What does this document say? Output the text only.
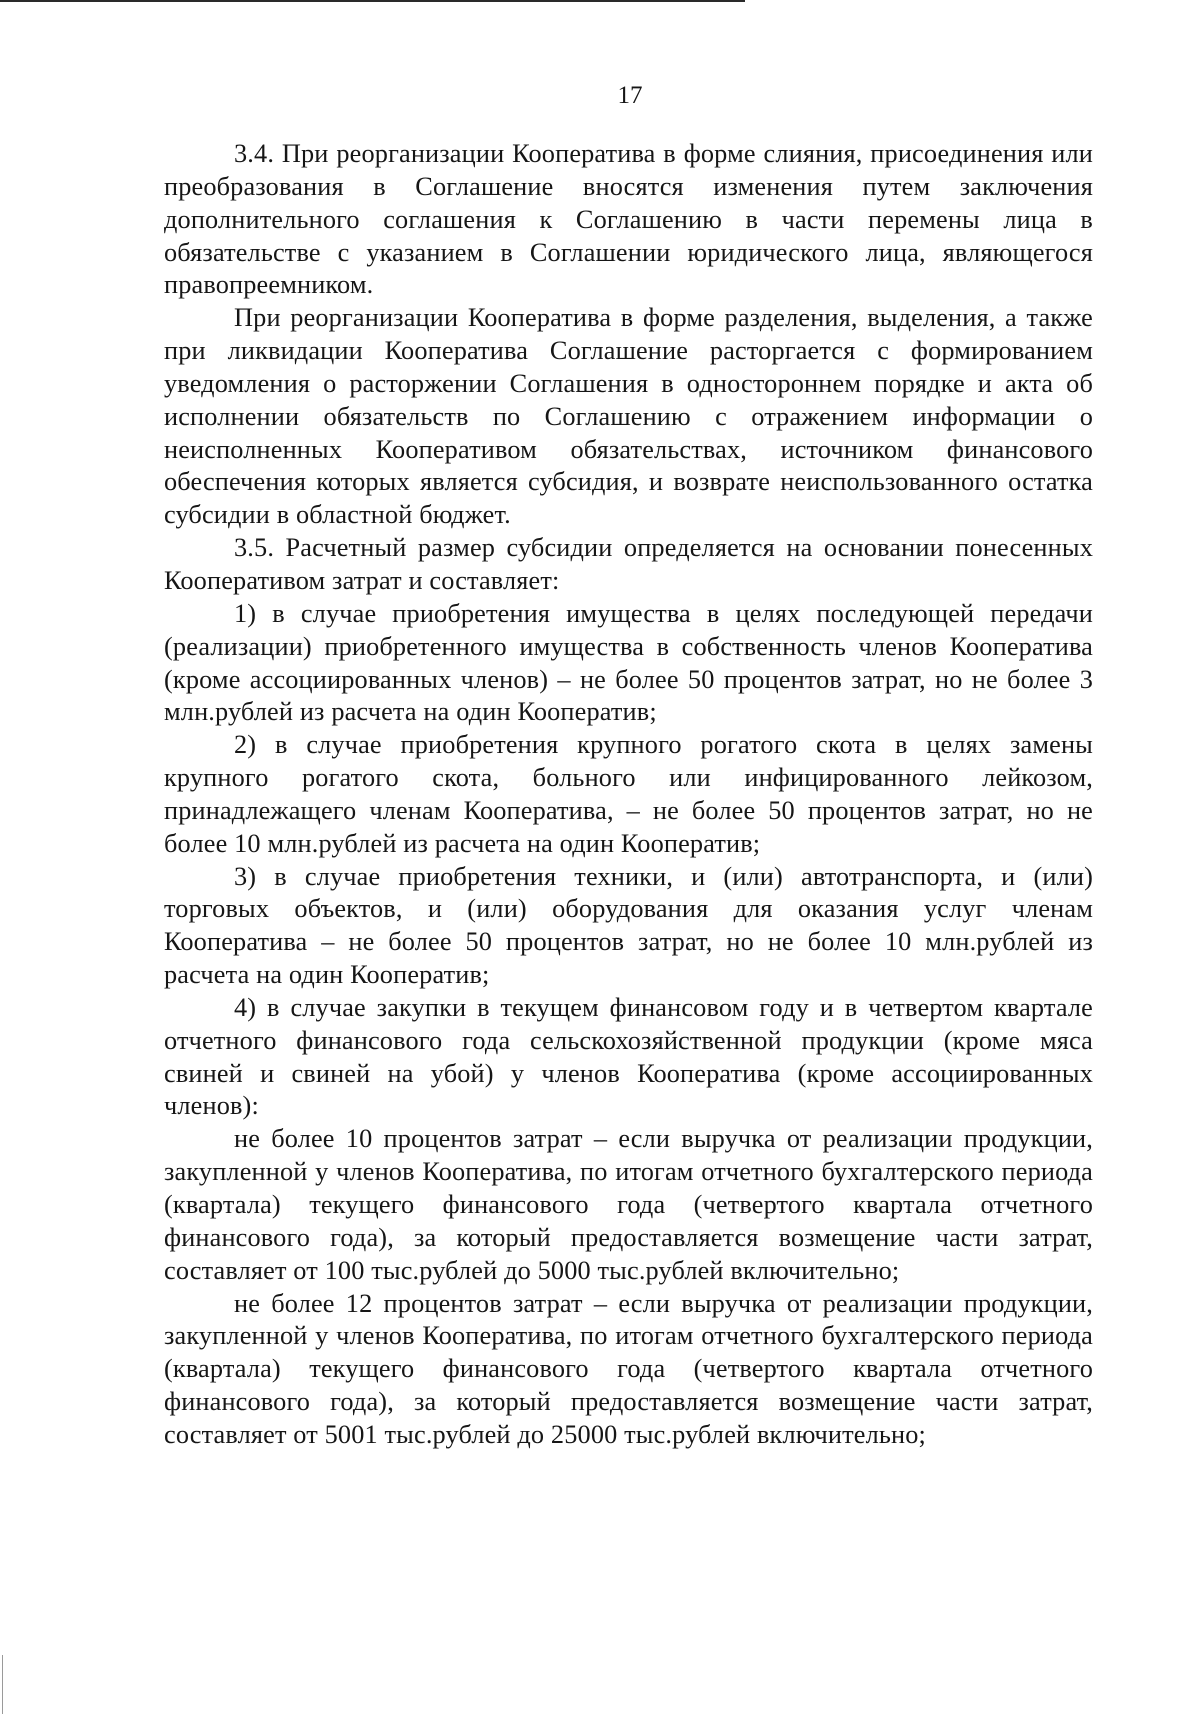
17

3.4. При реорганизации Кооператива в форме слияния, присоединения или преобразования в Соглашение вносятся изменения путем заключения дополнительного соглашения к Соглашению в части перемены лица в обязательстве с указанием в Соглашении юридического лица, являющегося правопреемником.

При реорганизации Кооператива в форме разделения, выделения, а также при ликвидации Кооператива Соглашение расторгается с формированием уведомления о расторжении Соглашения в одностороннем порядке и акта об исполнении обязательств по Соглашению с отражением информации о неисполненных Кооперативом обязательствах, источником финансового обеспечения которых является субсидия, и возврате неиспользованного остатка субсидии в областной бюджет.

3.5. Расчетный размер субсидии определяется на основании понесенных Кооперативом затрат и составляет:

1) в случае приобретения имущества в целях последующей передачи (реализации) приобретенного имущества в собственность членов Кооператива (кроме ассоциированных членов) – не более 50 процентов затрат, но не более 3 млн.рублей из расчета на один Кооператив;

2) в случае приобретения крупного рогатого скота в целях замены крупного рогатого скота, больного или инфицированного лейкозом, принадлежащего членам Кооператива, – не более 50 процентов затрат, но не более 10 млн.рублей из расчета на один Кооператив;

3) в случае приобретения техники, и (или) автотранспорта, и (или) торговых объектов, и (или) оборудования для оказания услуг членам Кооператива – не более 50 процентов затрат, но не более 10 млн.рублей из расчета на один Кооператив;

4) в случае закупки в текущем финансовом году и в четвертом квартале отчетного финансового года сельскохозяйственной продукции (кроме мяса свиней и свиней на убой) у членов Кооператива (кроме ассоциированных членов):

не более 10 процентов затрат – если выручка от реализации продукции, закупленной у членов Кооператива, по итогам отчетного бухгалтерского периода (квартала) текущего финансового года (четвертого квартала отчетного финансового года), за который предоставляется возмещение части затрат, составляет от 100 тыс.рублей до 5000 тыс.рублей включительно;

не более 12 процентов затрат – если выручка от реализации продукции, закупленной у членов Кооператива, по итогам отчетного бухгалтерского периода (квартала) текущего финансового года (четвертого квартала отчетного финансового года), за который предоставляется возмещение части затрат, составляет от 5001 тыс.рублей до 25000 тыс.рублей включительно;
